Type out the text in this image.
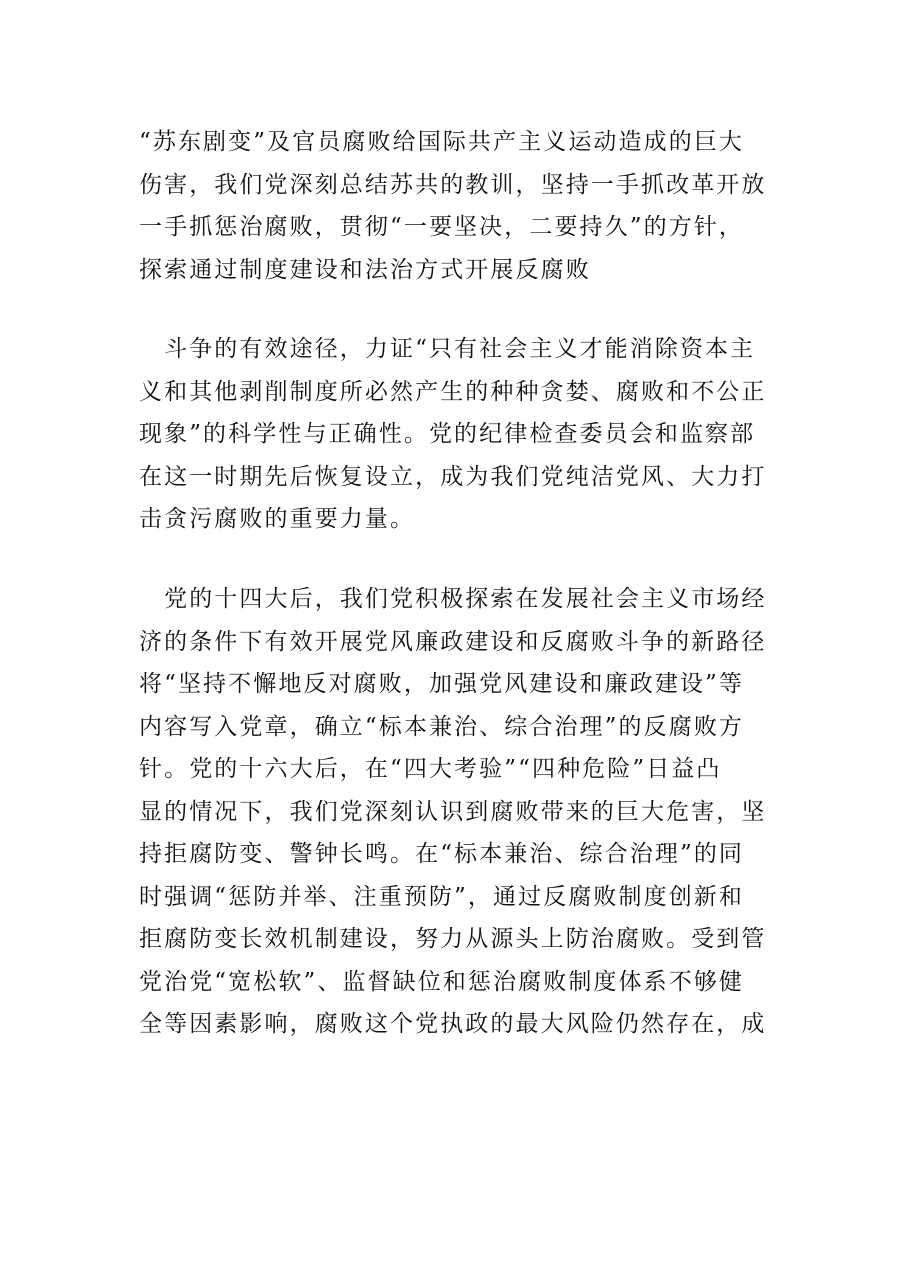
“苏东剧变”及官员腐败给国际共产主义运动造成的巨大
伤害，我们党深刻总结苏共的教训，坚持一手抓改革开放
一手抓惩治腐败，贯彻“一要坚决，二要持久”的方针，
探索通过制度建设和法治方式开展反腐败
　斗争的有效途径，力证“只有社会主义才能消除资本主
义和其他剥削制度所必然产生的种种贪婪、腐败和不公正
现象”的科学性与正确性。党的纪律检查委员会和监察部
在这一时期先后恢复设立，成为我们党纯洁党风、大力打
击贪污腐败的重要力量。
　党的十四大后，我们党积极探索在发展社会主义市场经
济的条件下有效开展党风廉政建设和反腐败斗争的新路径
将“坚持不懈地反对腐败，加强党风建设和廉政建设”等
内容写入党章，确立“标本兼治、综合治理”的反腐败方
针。党的十六大后，在“四大考验”“四种危险”日益凸
显的情况下，我们党深刻认识到腐败带来的巨大危害，坚
持拒腐防变、警钟长鸣。在“标本兼治、综合治理”的同
时强调“惩防并举、注重预防”，通过反腐败制度创新和
拒腐防变长效机制建设，努力从源头上防治腐败。受到管
党治党“宽松软”、监督缺位和惩治腐败制度体系不够健
全等因素影响，腐败这个党执政的最大风险仍然存在，成
